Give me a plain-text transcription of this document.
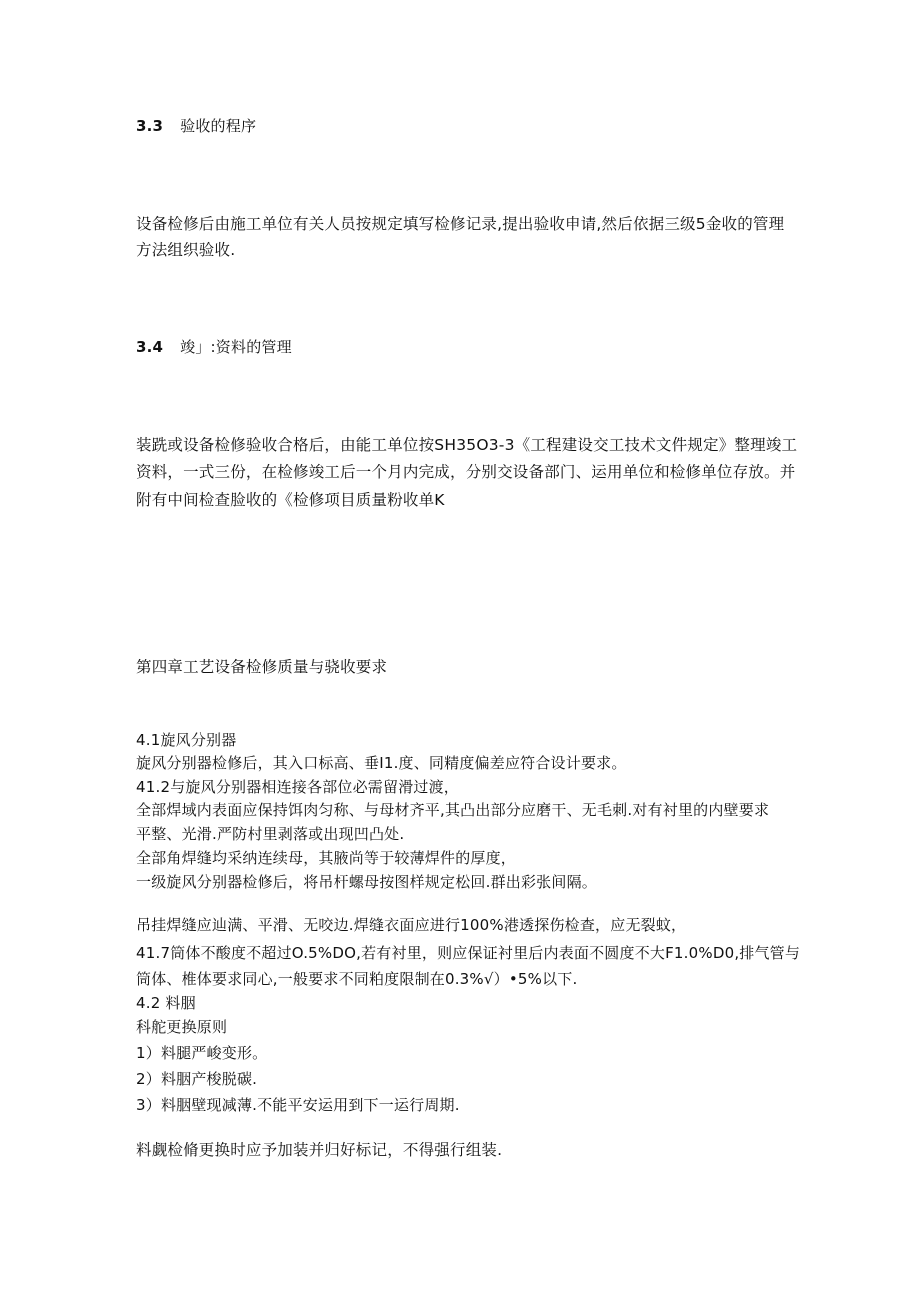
3.3 验收的程序
设备检修后由施工单位有关人员按规定填写检修记录,提出验收申请,然后依据三级5金收的管理
方法组织验收.
3.4 竣」:资料的管理
装跣或设备检修验收合格后，由能工单位按SH35O3-3《工程建设交工技术文件规定》整理竣工
资料，一式三份，在检修竣工后一个月内完成，分别交设备部门、运用单位和检修单位存放。并
附有中间检查脸收的《检修项目质量粉收单K
第四章工艺设备检修质量与骁收要求
4.1旋风分别器
旋风分别器检修后，其入口标高、垂I1.度、同精度偏差应符合设计要求。
41.2与旋风分别器相连接各部位必需留滑过渡，
全部焊域内表面应保持饵肉匀称、与母材齐平,其凸出部分应磨干、无毛刺.对有衬里的内壁要求
平整、光滑.严防村里剥落或出现凹凸处.
全部角焊缝均采纳连续母，其腋尚等于较薄焊件的厚度，
一级旋风分别器检修后，将吊杆螺母按图样规定松回.群出彩张间隔。
吊挂焊缝应辿满、平滑、无咬边.焊缝衣面应进行100%港透探伤检查，应无裂蚊，
41.7筒体不酸度不超过O.5%DO,若有衬里，则应保证衬里后内表面不圆度不大F1.0%D0,排气管与
筒体、椎体要求同心,一般要求不同粕度限制在0.3%√）•5%以下.
4.2 料胭
科舵更换原则
1）料腿严峻变形。
2）料胭产梭脱碳.
3）料胭壁现减薄.不能平安运用到下一运行周期.
料觑检脩更换时应予加装并归好标记，不得强行组装.
